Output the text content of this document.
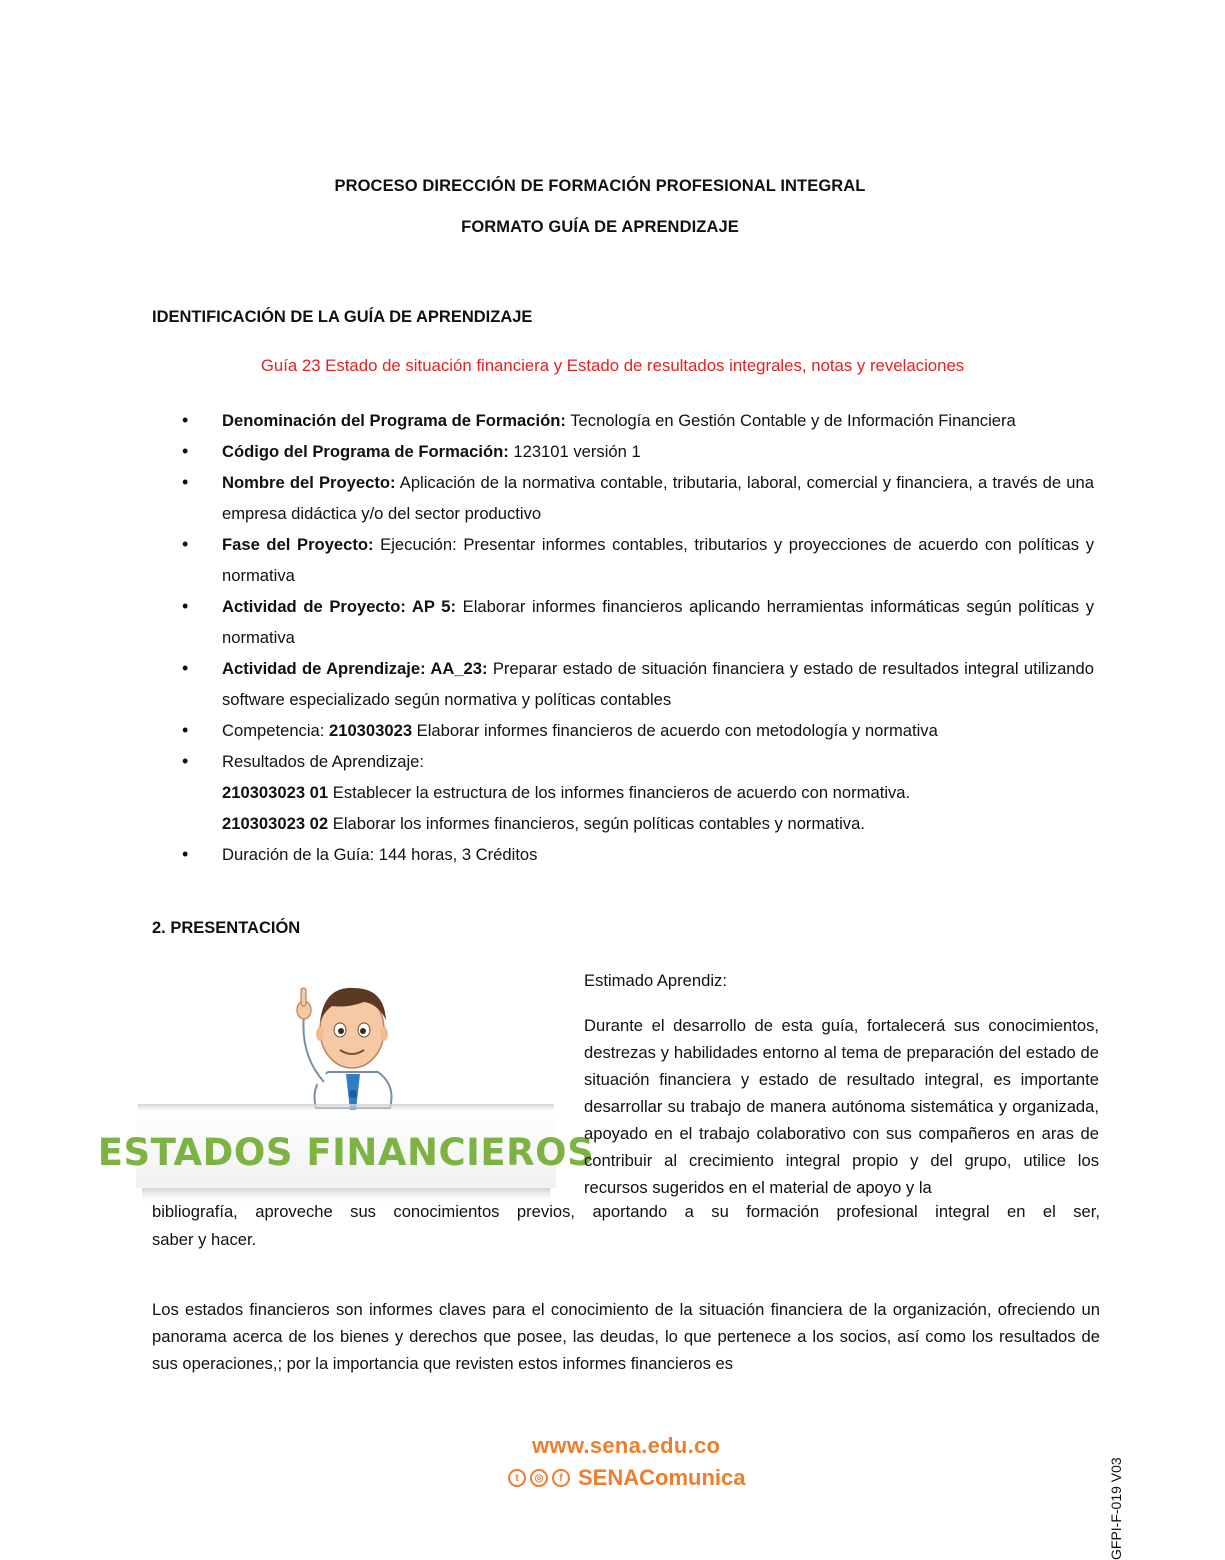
PROCESO DIRECCIÓN DE FORMACIÓN PROFESIONAL INTEGRAL
FORMATO GUÍA DE APRENDIZAJE
IDENTIFICACIÓN DE LA GUÍA DE APRENDIZAJE
Guía 23 Estado de situación financiera y Estado de resultados integrales, notas y revelaciones
• Denominación del Programa de Formación: Tecnología en Gestión Contable y de Información Financiera
• Código del Programa de Formación: 123101 versión 1
• Nombre del Proyecto: Aplicación de la normativa contable, tributaria, laboral, comercial y financiera, a través de una empresa didáctica y/o del sector productivo
• Fase del Proyecto: Ejecución: Presentar informes contables, tributarios y proyecciones de acuerdo con políticas y normativa
• Actividad de Proyecto: AP 5: Elaborar informes financieros aplicando herramientas informáticas según políticas y normativa
• Actividad de Aprendizaje: AA_23: Preparar estado de situación financiera y estado de resultados integral utilizando software especializado según normativa y políticas contables
• Competencia: 210303023 Elaborar informes financieros de acuerdo con metodología y normativa
• Resultados de Aprendizaje:
210303023 01 Establecer la estructura de los informes financieros de acuerdo con normativa.
210303023 02 Elaborar los informes financieros, según políticas contables y normativa.
• Duración de la Guía: 144 horas, 3 Créditos
2. PRESENTACIÓN
ESTADOS FINANCIEROS
Estimado Aprendiz:
Durante el desarrollo de esta guía, fortalecerá sus conocimientos, destrezas y habilidades entorno al tema de preparación del estado de situación financiera y estado de resultado integral, es importante desarrollar su trabajo de manera autónoma sistemática y organizada, apoyado en el trabajo colaborativo con sus compañeros en aras de contribuir al crecimiento integral propio y del grupo, utilice los recursos sugeridos en el material de apoyo y la
bibliografía, aproveche sus conocimientos previos, aportando a su formación profesional integral en el ser,
saber y hacer.
Los estados financieros son informes claves para el conocimiento de la situación financiera de la organización, ofreciendo un panorama acerca de los bienes y derechos que posee, las deudas, lo que pertenece a los socios, así como los resultados de sus operaciones,; por la importancia que revisten estos informes financieros es
www.sena.edu.co
t	◎	f SENAComunica	GFPI-F-019 V03
